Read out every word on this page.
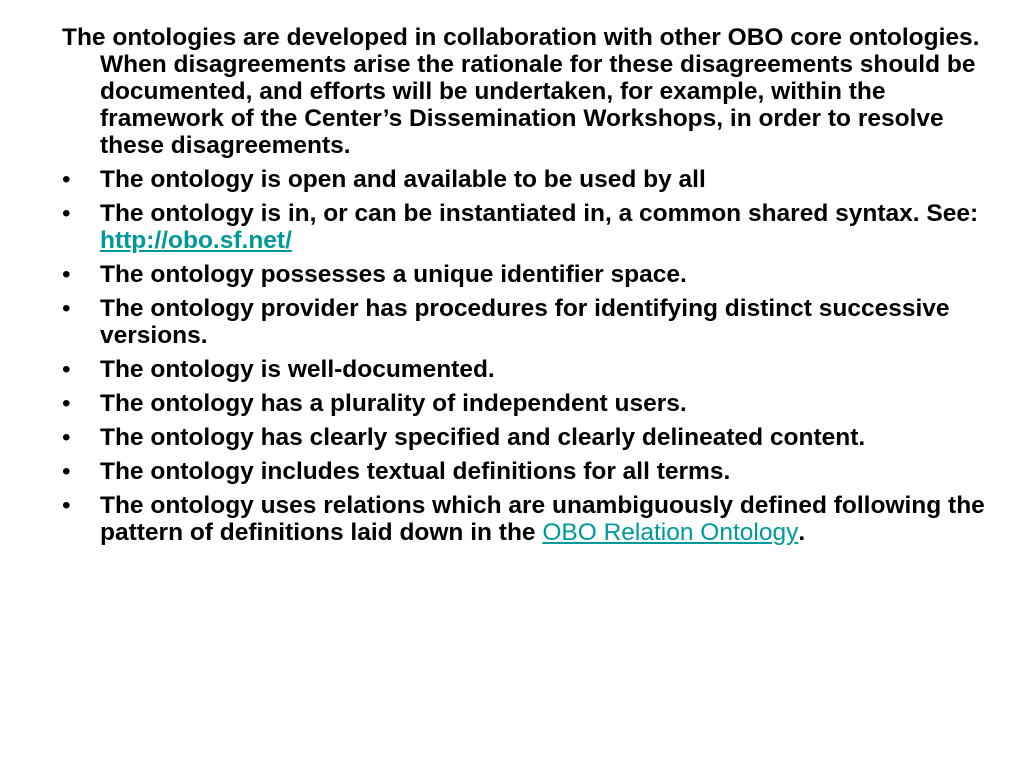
The ontologies are developed in collaboration with other OBO core ontologies. When disagreements arise the rationale for these disagreements should be documented, and efforts will be undertaken, for example, within the framework of the Center’s Dissemination Workshops, in order to resolve these disagreements.

• The ontology is open and available to be used by all
• The ontology is in, or can be instantiated in, a common shared syntax. See: http://obo.sf.net/
• The ontology possesses a unique identifier space.
• The ontology provider has procedures for identifying distinct successive versions.
• The ontology is well-documented.
• The ontology has a plurality of independent users.
• The ontology has clearly specified and clearly delineated content.
• The ontology includes textual definitions for all terms.
• The ontology uses relations which are unambiguously defined following the pattern of definitions laid down in the OBO Relation Ontology.
